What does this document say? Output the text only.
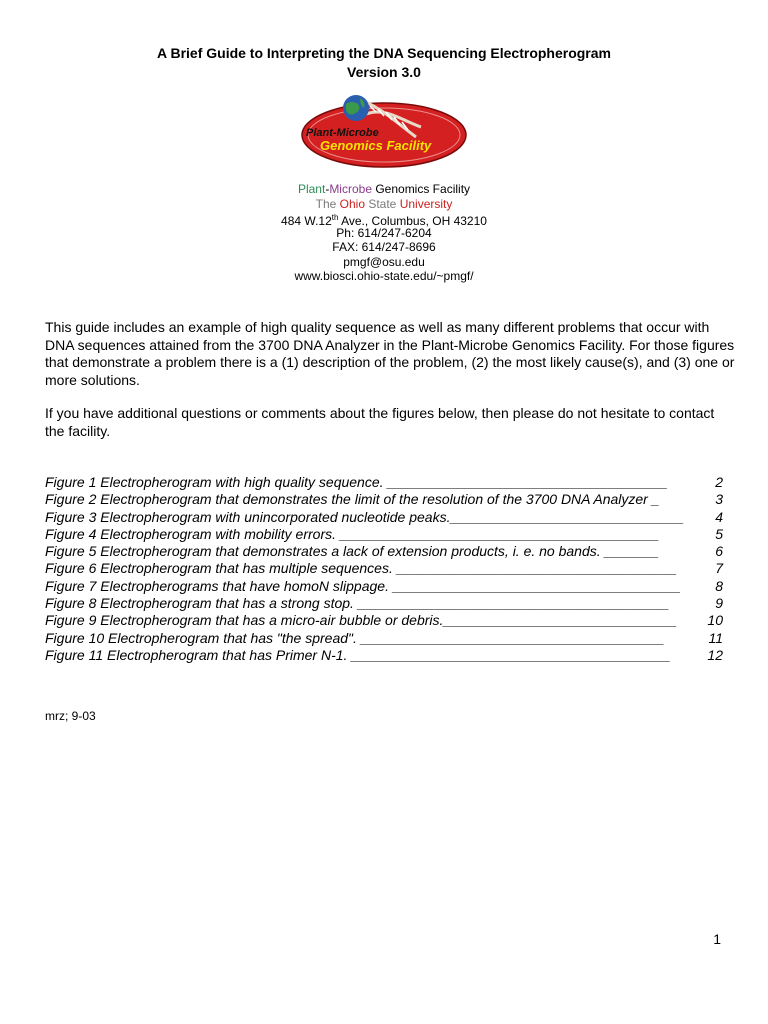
A Brief Guide to Interpreting the DNA Sequencing Electropherogram
Version 3.0
Plant-Microbe
Genomics Facility
Plant-Microbe Genomics Facility
The Ohio State University
484 W.12th Ave., Columbus, OH 43210
Ph: 614/247-6204
FAX: 614/247-8696
pmgf@osu.edu
www.biosci.ohio-state.edu/~pmgf/
This guide includes an example of high quality sequence as well as many different problems that occur with DNA sequences attained from the 3700 DNA Analyzer in the Plant-Microbe Genomics Facility. For those figures that demonstrate a problem there is a (1) description of the problem, (2) the most likely cause(s), and (3) one or more solutions.
If you have additional questions or comments about the figures below, then please do not hesitate to contact the facility.
Figure 1 Electropherogram with high quality sequence. ____________________________________	2
Figure 2 Electropherogram that demonstrates the limit of the resolution of the 3700 DNA Analyzer _	3
Figure 3 Electropherogram with unincorporated nucleotide peaks.______________________________ 4
Figure 4 Electropherogram with mobility errors. _________________________________________	5
Figure 5 Electropherogram that demonstrates a lack of extension products, i. e. no bands. _______	6
Figure 6 Electropherogram that has multiple sequences. ____________________________________	7
Figure 7 Electropherograms that have homoN slippage. _____________________________________ 8
Figure 8 Electropherogram that has a strong stop. ________________________________________	9
Figure 9 Electropherogram that has a micro-air bubble or debris.______________________________ 10
Figure 10 Electropherogram that has "the spread". _______________________________________	11
Figure 11 Electropherogram that has Primer N-1. _________________________________________	12
mrz; 9-03
1
